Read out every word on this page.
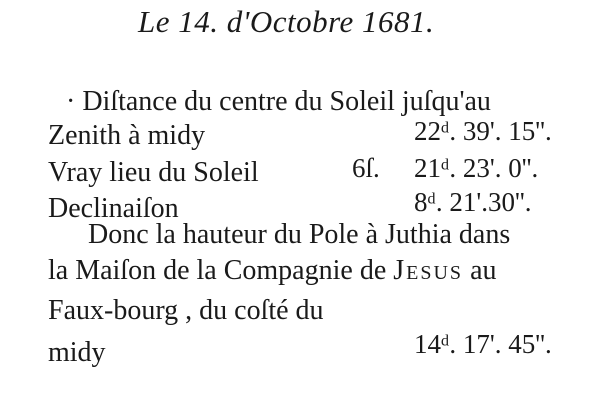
Le 14. d'Octobre 1681.
· Diſtance du centre du Soleil juſqu'au
Zenith à midy	22ᵈ. 39'. 15''.
Vray lieu du Soleil	6ſ. 21ᵈ. 23'. 0''.
Declinaiſon	8ᵈ. 21'.30''.
Donc la hauteur du Pole à Juthia dans
la Maiſon de la Compagnie de Jesus au
Faux-bourg , du coſté du
midy	14ᵈ. 17'. 45''.
